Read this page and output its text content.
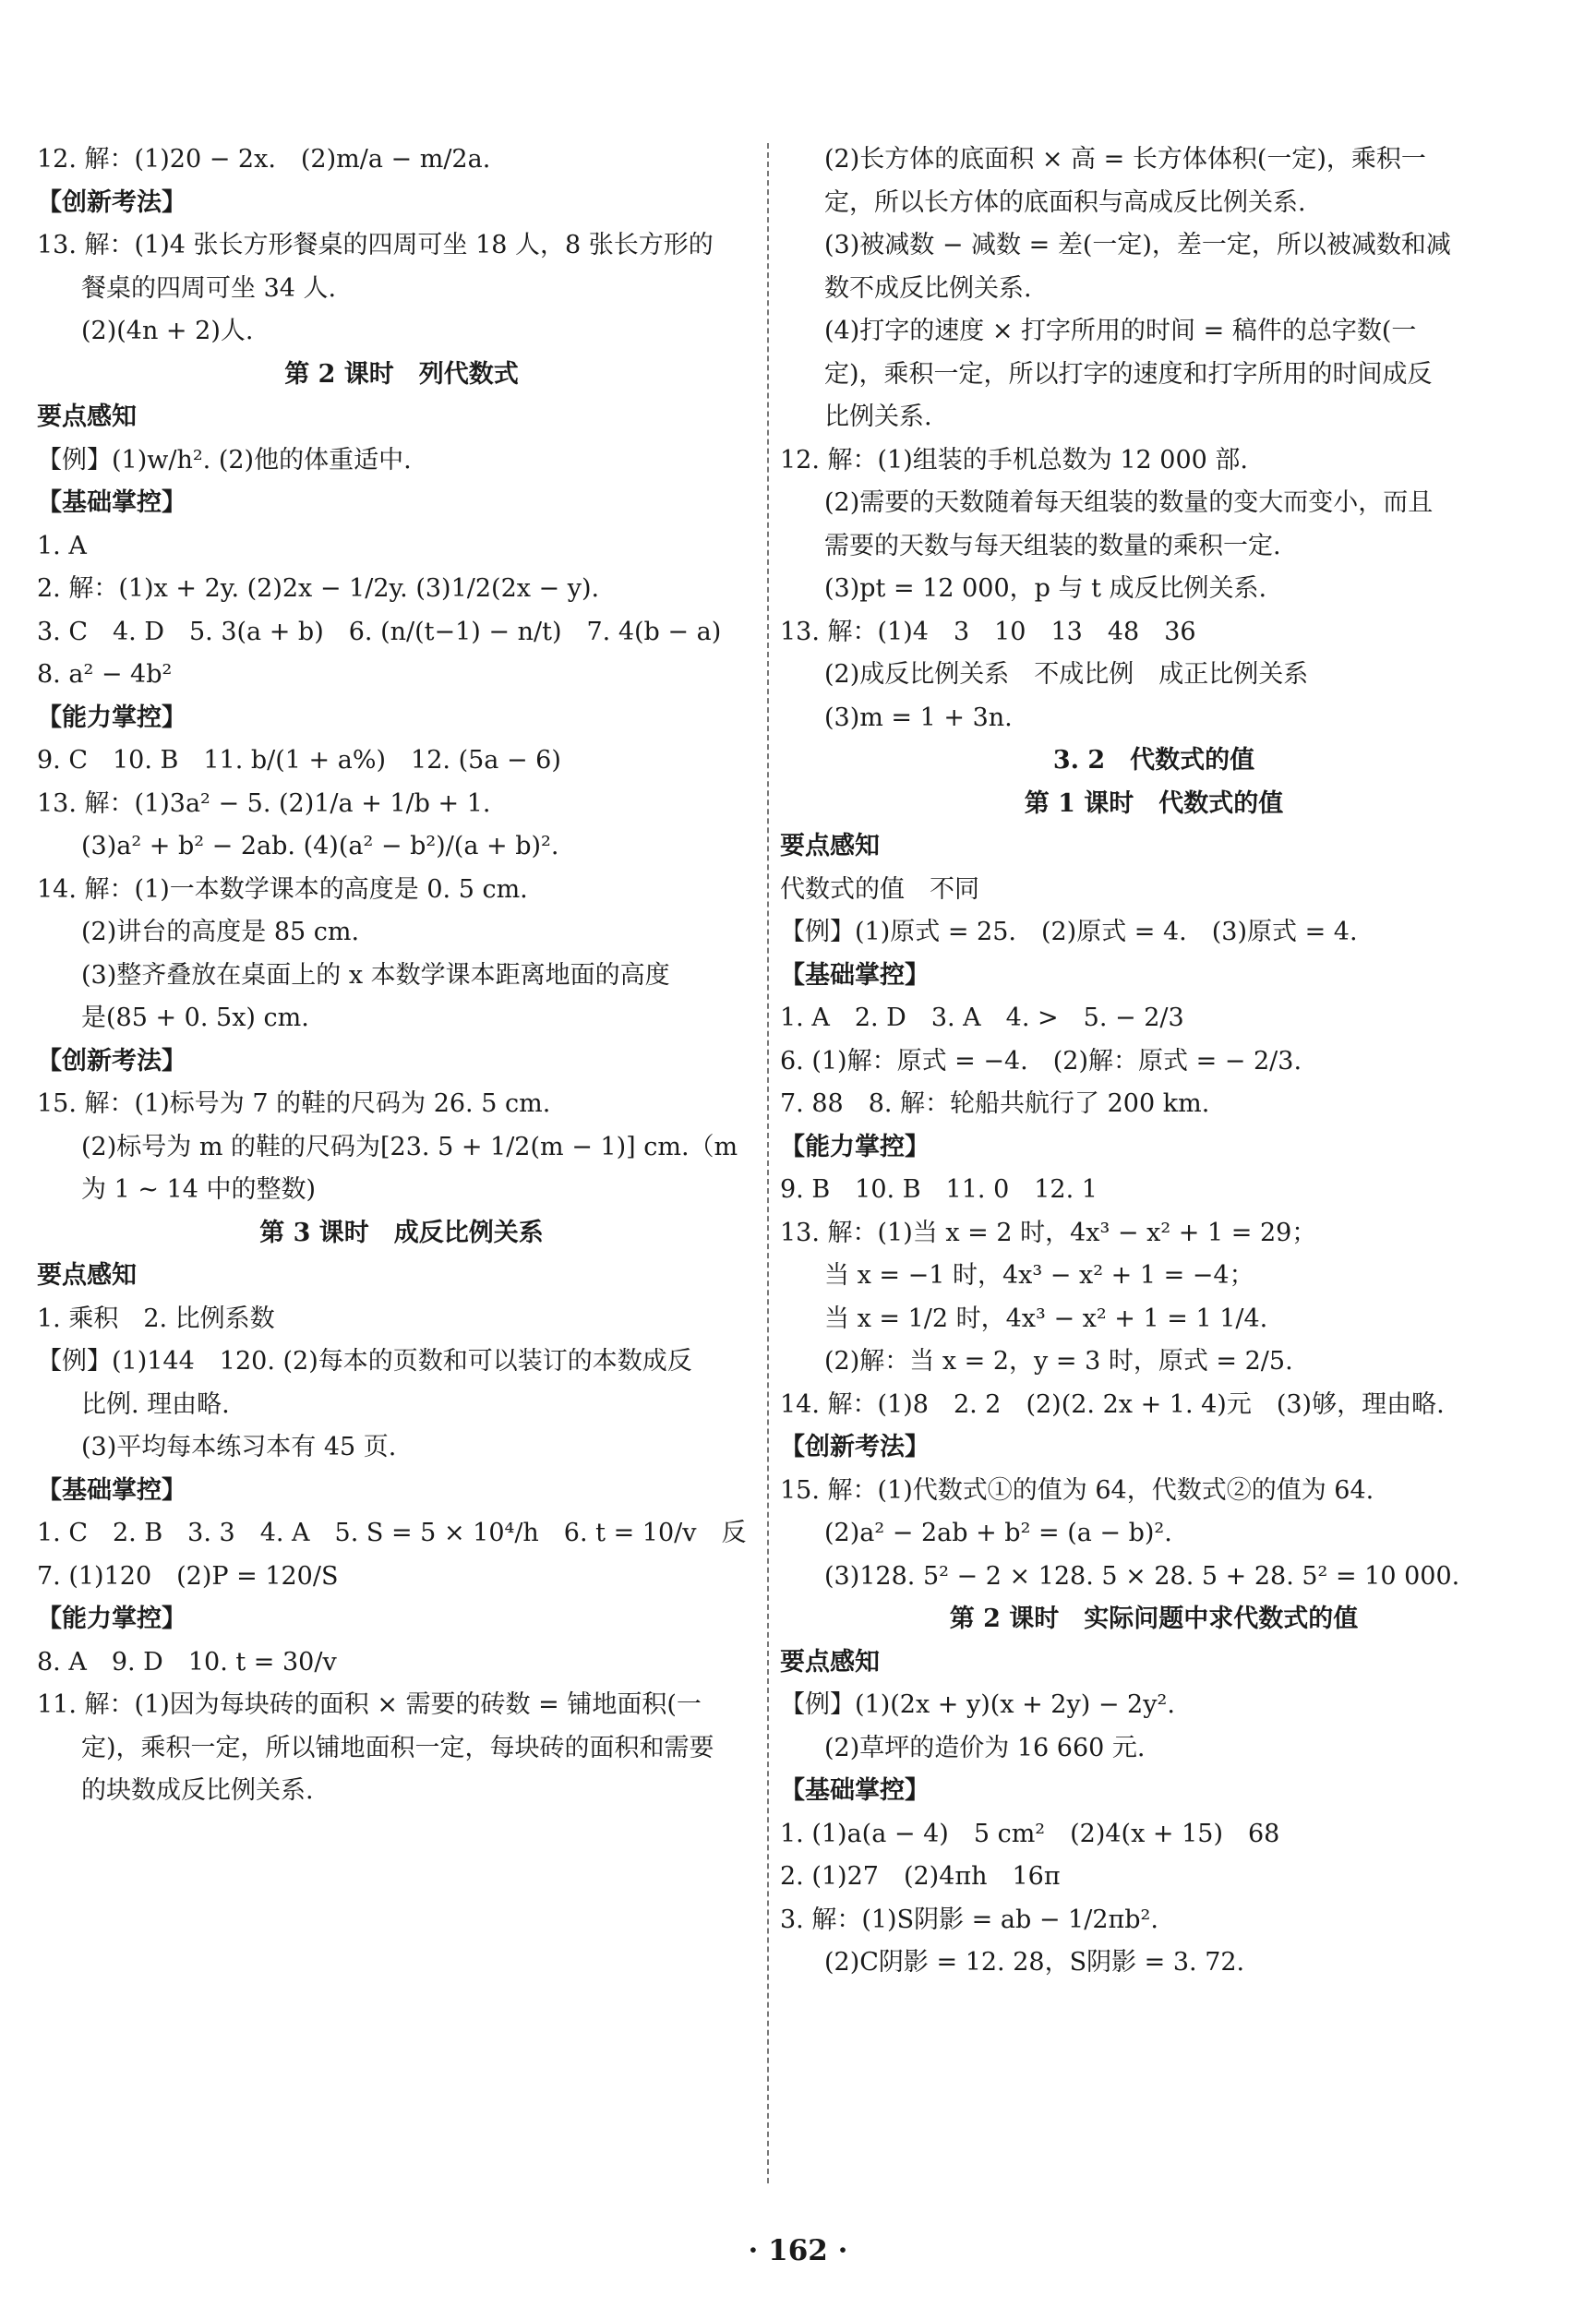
12. 解：(1)20 − 2x.　(2)m/a − m/2a.
【创新考法】
13. 解：(1)4 张长方形餐桌的四周可坐 18 人，8 张长方形的
餐桌的四周可坐 34 人.
(2)(4n + 2)人.
第 2 课时　列代数式
要点感知
【例】(1)w/h². (2)他的体重适中.
【基础掌控】
1. A
2. 解：(1)x + 2y. (2)2x − 1/2y. (3)1/2(2x − y).
3. C　4. D　5. 3(a + b)　6. (n/(t−1) − n/t)　7. 4(b − a)
8. a² − 4b²
【能力掌控】
9. C　10. B　11. b/(1 + a%)　12. (5a − 6)
13. 解：(1)3a² − 5. (2)1/a + 1/b + 1.
(3)a² + b² − 2ab. (4)(a² − b²)/(a + b)².
14. 解：(1)一本数学课本的高度是 0. 5 cm.
(2)讲台的高度是 85 cm.
(3)整齐叠放在桌面上的 x 本数学课本距离地面的高度
是(85 + 0. 5x) cm.
【创新考法】
15. 解：(1)标号为 7 的鞋的尺码为 26. 5 cm.
(2)标号为 m 的鞋的尺码为[23. 5 + 1/2(m − 1)] cm.（m
为 1 ~ 14 中的整数)
第 3 课时　成反比例关系
要点感知
1. 乘积　2. 比例系数
【例】(1)144　120. (2)每本的页数和可以装订的本数成反
比例. 理由略.
(3)平均每本练习本有 45 页.
【基础掌控】
1. C　2. B　3. 3　4. A　5. S = 5 × 10⁴/h　6. t = 10/v　反
7. (1)120　(2)P = 120/S
【能力掌控】
8. A　9. D　10. t = 30/v
11. 解：(1)因为每块砖的面积 × 需要的砖数 = 铺地面积(一
定)，乘积一定，所以铺地面积一定，每块砖的面积和需要
的块数成反比例关系.
(2)长方体的底面积 × 高 = 长方体体积(一定)，乘积一
定，所以长方体的底面积与高成反比例关系.
(3)被减数 − 减数 = 差(一定)，差一定，所以被减数和减
数不成反比例关系.
(4)打字的速度 × 打字所用的时间 = 稿件的总字数(一
定)，乘积一定，所以打字的速度和打字所用的时间成反
比例关系.
12. 解：(1)组装的手机总数为 12 000 部.
(2)需要的天数随着每天组装的数量的变大而变小，而且
需要的天数与每天组装的数量的乘积一定.
(3)pt = 12 000，p 与 t 成反比例关系.
13. 解：(1)4　3　10　13　48　36
(2)成反比例关系　不成比例　成正比例关系
(3)m = 1 + 3n.
3. 2　代数式的值
第 1 课时　代数式的值
要点感知
代数式的值　不同
【例】(1)原式 = 25.　(2)原式 = 4.　(3)原式 = 4.
【基础掌控】
1. A　2. D　3. A　4. >　5. − 2/3
6. (1)解：原式 = −4.　(2)解：原式 = − 2/3.
7. 88　8. 解：轮船共航行了 200 km.
【能力掌控】
9. B　10. B　11. 0　12. 1
13. 解：(1)当 x = 2 时，4x³ − x² + 1 = 29；
当 x = −1 时，4x³ − x² + 1 = −4；
当 x = 1/2 时，4x³ − x² + 1 = 1 1/4.
(2)解：当 x = 2，y = 3 时，原式 = 2/5.
14. 解：(1)8　2. 2　(2)(2. 2x + 1. 4)元　(3)够，理由略.
【创新考法】
15. 解：(1)代数式①的值为 64，代数式②的值为 64.
(2)a² − 2ab + b² = (a − b)².
(3)128. 5² − 2 × 128. 5 × 28. 5 + 28. 5² = 10 000.
第 2 课时　实际问题中求代数式的值
要点感知
【例】(1)(2x + y)(x + 2y) − 2y².
(2)草坪的造价为 16 660 元.
【基础掌控】
1. (1)a(a − 4)　5 cm²　(2)4(x + 15)　68
2. (1)27　(2)4πh　16π
3. 解：(1)S阴影 = ab − 1/2πb².
(2)C阴影 = 12. 28，S阴影 = 3. 72.
· 162 ·
